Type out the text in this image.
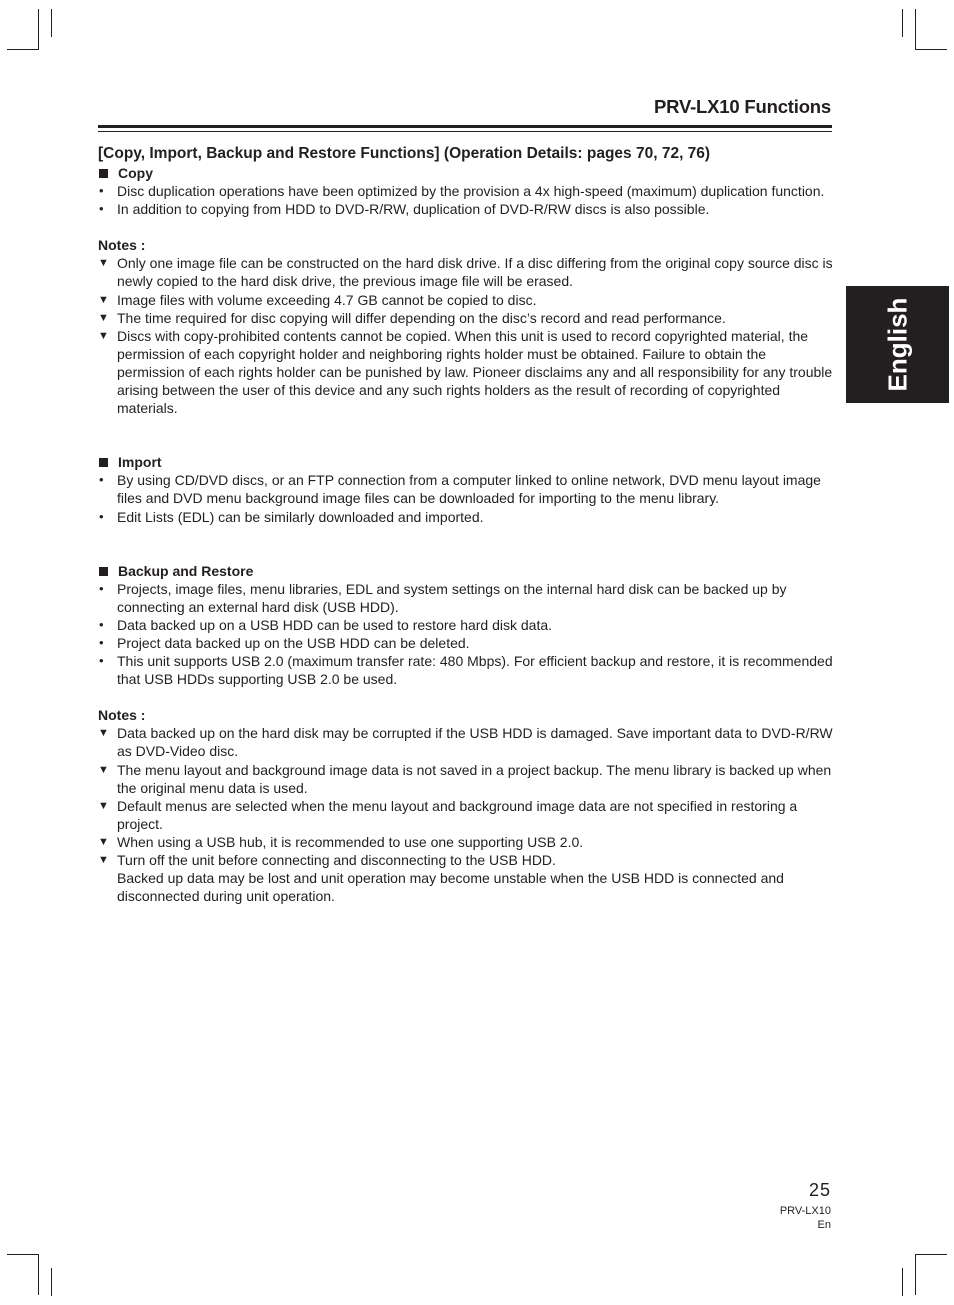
PRV-LX10 Functions
English

[Copy, Import, Backup and Restore Functions] (Operation Details: pages 70, 72, 76)

Copy
• Disc duplication operations have been optimized by the provision a 4x high-speed (maximum) duplication function.
• In addition to copying from HDD to DVD-R/RW, duplication of DVD-R/RW discs is also possible.
Notes :
▼ Only one image file can be constructed on the hard disk drive. If a disc differing from the original copy source disc is newly copied to the hard disk drive, the previous image file will be erased.
▼ Image files with volume exceeding 4.7 GB cannot be copied to disc.
▼ The time required for disc copying will differ depending on the disc’s record and read performance.
▼ Discs with copy-prohibited contents cannot be copied. When this unit is used to record copyrighted material, the permission of each copyright holder and neighboring rights holder must be obtained. Failure to obtain the permission of each rights holder can be punished by law. Pioneer disclaims any and all responsibility for any trouble arising between the user of this device and any such rights holders as the result of recording of copyrighted materials.
Import
• By using CD/DVD discs, or an FTP connection from a computer linked to online network, DVD menu layout image files and DVD menu background image files can be downloaded for importing to the menu library.
• Edit Lists (EDL) can be similarly downloaded and imported.
Backup and Restore
• Projects, image files, menu libraries, EDL and system settings on the internal hard disk can be backed up by connecting an external hard disk (USB HDD).
• Data backed up on a USB HDD can be used to restore hard disk data.
• Project data backed up on the USB HDD can be deleted.
• This unit supports USB 2.0 (maximum transfer rate: 480 Mbps). For efficient backup and restore, it is recommended that USB HDDs supporting USB 2.0 be used.
Notes :
▼ Data backed up on the hard disk may be corrupted if the USB HDD is damaged. Save important data to DVD-R/RW as DVD-Video disc.
▼ The menu layout and background image data is not saved in a project backup. The menu library is backed up when the original menu data is used.
▼ Default menus are selected when the menu layout and background image data are not specified in restoring a project.
▼ When using a USB hub, it is recommended to use one supporting USB 2.0.
▼ Turn off the unit before connecting and disconnecting to the USB HDD.
Backed up data may be lost and unit operation may become unstable when the USB HDD is connected and disconnected during unit operation.
25
PRV-LX10
En
